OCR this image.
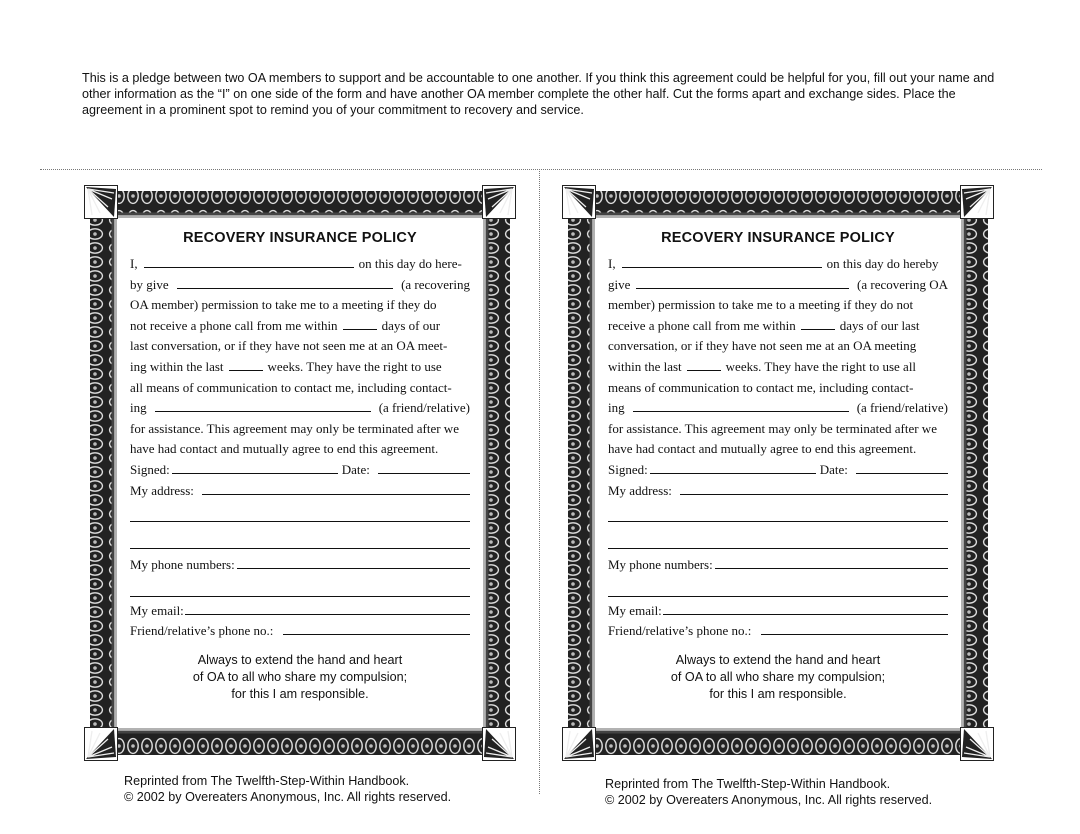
This is a pledge between two OA members to support and be accountable to one another. If you think this agreement could be helpful for you, fill out your name and other information as the “I” on one side of the form and have another OA member complete the other half. Cut the forms apart and exchange sides. Place the agreement in a prominent spot to remind you of your commitment to recovery and service.
RECOVERY INSURANCE POLICY
I,	on this day do here-
by give	(a recovering
OA member) permission to take me to a meeting if they do
not receive a phone call from me within	days of our
last conversation, or if they have not seen me at an OA meet-
ing within the last	weeks. They have the right to use
all means of communication to contact me, including contact-
ing	(a friend/relative)
for assistance. This agreement may only be terminated after we
have had contact and mutually agree to end this agreement.
Signed:	Date:
My address:
My phone numbers:
My email:
Friend/relative’s phone no.:
Always to extend the hand and heart
of OA to all who share my compulsion;
for this I am responsible.
RECOVERY INSURANCE POLICY
I,	on this day do hereby
give	(a recovering OA
member) permission to take me to a meeting if they do not
receive a phone call from me within	days of our last
conversation, or if they have not seen me at an OA meeting
within the last	weeks. They have the right to use all
means of communication to contact me, including contact-
ing	(a friend/relative)
for assistance. This agreement may only be terminated after we
have had contact and mutually agree to end this agreement.
Signed:	Date:
My address:
My phone numbers:
My email:
Friend/relative’s phone no.:
Always to extend the hand and heart
of OA to all who share my compulsion;
for this I am responsible.
Reprinted from The Twelfth-Step-Within Handbook.
© 2002 by Overeaters Anonymous, Inc. All rights reserved.
Reprinted from The Twelfth-Step-Within Handbook.
© 2002 by Overeaters Anonymous, Inc. All rights reserved.
